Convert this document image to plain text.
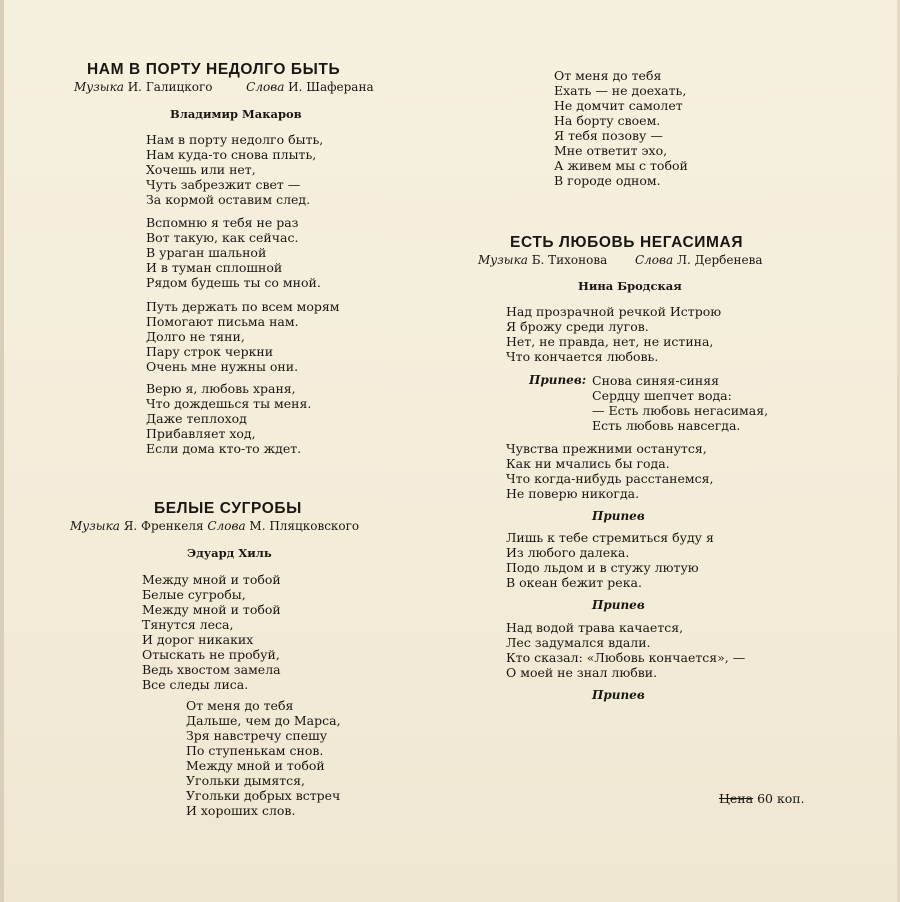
НАМ В ПОРТУ НЕДОЛГО БЫТЬ
Музыка И. Галицкого	Слова И. Шаферана
Владимир Макаров
Нам в порту недолго быть,
Нам куда-то снова плыть,
Хочешь или нет,
Чуть забрезжит свет —
За кормой оставим след.
Вспомню я тебя не раз
Вот такую, как сейчас.
В ураган шальной
И в туман сплошной
Рядом будешь ты со мной.
Путь держать по всем морям
Помогают письма нам.
Долго не тяни,
Пару строк черкни
Очень мне нужны они.
Верю я, любовь храня,
Что дождешься ты меня.
Даже теплоход
Прибавляет ход,
Если дома кто-то ждет.
БЕЛЫЕ СУГРОБЫ
Музыка Я. Френкеля Слова М. Пляцковского
Эдуард Хиль
Между мной и тобой
Белые сугробы,
Между мной и тобой
Тянутся леса,
И дорог никаких
Отыскать не пробуй,
Ведь хвостом замела
Все следы лиса.
От меня до тебя
Дальше, чем до Марса,
Зря навстречу спешу
По ступенькам снов.
Между мной и тобой
Угольки дымятся,
Угольки добрых встреч
И хороших слов.
От меня до тебя
Ехать — не доехать,
Не домчит самолет
На борту своем.
Я тебя позову —
Мне ответит эхо,
А живем мы с тобой
В городе одном.
ЕСТЬ ЛЮБОВЬ НЕГАСИМАЯ
Музыка Б. Тихонова Слова Л. Дербенева
Нина Бродская
Над прозрачной речкой Истрою
Я брожу среди лугов.
Нет, не правда, нет, не истина,
Что кончается любовь.
Припев: Снова синяя-синяя
Сердцу шепчет вода:
— Есть любовь негасимая,
Есть любовь навсегда.
Чувства прежними останутся,
Как ни мчались бы года.
Что когда-нибудь расстанемся,
Не поверю никогда.
Припев
Лишь к тебе стремиться буду я
Из любого далека.
Подо льдом и в стужу лютую
В океан бежит река.
Припев
Над водой трава качается,
Лес задумался вдали.
Кто сказал: «Любовь кончается», —
О моей не знал любви.
Припев
Цена 60 коп.
